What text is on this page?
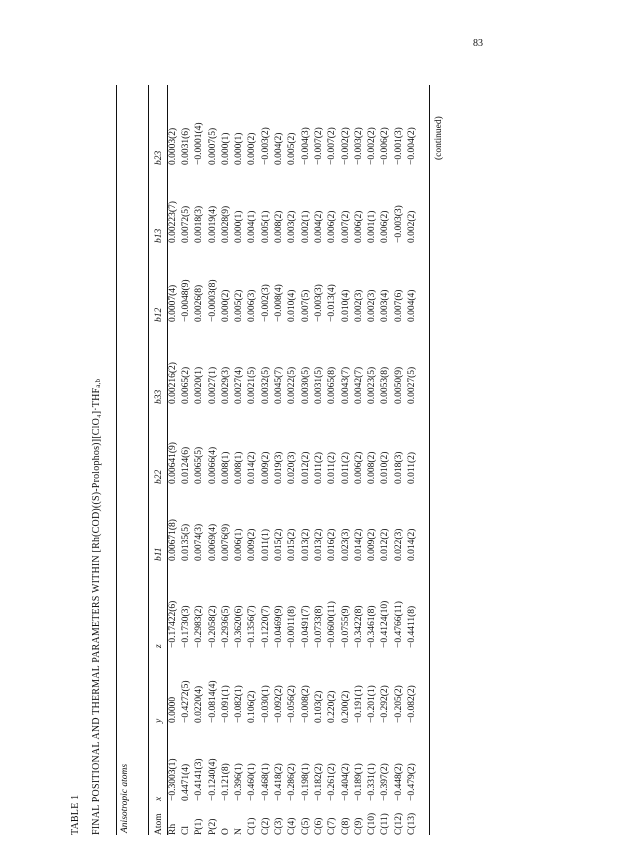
83
TABLE 1 FINAL POSITIONAL AND THERMAL PARAMETERS WITHIN [Rh(COD)((S)-Prolophos)][ClO₄]·THF$^{a,b}$
Anisotropic atoms Atom	x	y	z	b11	b22	b33	b12	b13	b23
Rh	−0.3003(1)	0.0000	−0.17422(6)	0.00671(8)	0.00641(9)	0.00216(2)	0.0007(4)	0.00223(7)	0.0003(2)
Cl	0.4471(4)	−0.4272(5)	−0.1730(3)	0.0135(5)	0.0124(6)	0.0065(2)	−0.0048(9)	0.0072(5)	0.0031(6)
P(1)	−0.4141(3)	0.0220(4)	−0.2983(2)	0.0074(3)	0.0065(5)	0.0020(1)	0.0026(8)	0.0018(3)	−0.0001(4)
P(2)	−0.1240(4)	−0.0814(4)	−0.2058(2)	0.0069(4)	0.0066(4)	0.0027(1)	−0.0003(8)	0.0019(4)	0.0007(5)
O	−0.121(8)	−0.091(1)	−0.2936(5)	0.0076(9)	0.008(1)	0.0029(3)	0.000(2)	0.0028(9)	0.000(1)
N	−0.396(1)	−0.082(1)	−0.3620(6)	0.006(1)	0.008(1)	0.0027(4)	0.005(2)	0.000(1)	0.000(1)
C(1)	−0.460(1)	0.106(2)	−0.1356(7)	0.009(2)	0.014(2)	0.0021(5)	0.006(3)	0.004(1)	0.000(2)
C(2)	−0.468(1)	−0.030(1)	−0.1220(7)	0.011(1)	0.009(2)	0.0032(5)	−0.002(3)	0.005(1)	−0.003(2)
C(3)	−0.418(2)	−0.092(2)	−0.0469(9)	0.015(2)	0.019(3)	0.0045(7)	−0.008(4)	0.008(2)	0.004(2)
C(4)	−0.286(2)	−0.056(2)	−0.0011(8)	0.015(2)	0.020(3)	0.0022(5)	0.010(4)	0.003(2)	0.005(2)
C(5)	−0.198(1)	−0.008(2)	−0.0491(7)	0.013(2)	0.012(2)	0.0030(5)	0.007(5)	0.002(1)	−0.004(3)
C(6)	−0.182(2)	0.103(2)	−0.0733(8)	0.013(2)	0.011(2)	0.0031(5)	−0.003(3)	0.004(2)	−0.007(2)
C(7)	−0.261(2)	0.220(2)	−0.0600(11)	0.016(2)	0.011(2)	0.0065(8)	−0.013(4)	0.006(2)	−0.007(2)
C(8)	−0.404(2)	0.200(2)	−0.0755(9)	0.023(3)	0.011(2)	0.0043(7)	0.010(4)	0.007(2)	−0.002(2)
C(9)	−0.189(1)	−0.191(1)	−0.3422(8)	0.014(2)	0.006(2)	0.0042(7)	0.002(3)	0.006(2)	−0.003(2)
C(10)	−0.331(1)	−0.201(1)	−0.3461(8)	0.009(2)	0.008(2)	0.0023(5)	0.002(3)	0.001(1)	−0.002(2)
C(11)	−0.397(2)	−0.292(2)	−0.4124(10)	0.012(2)	0.010(2)	0.0053(8)	0.003(4)	0.006(2)	−0.006(2)
C(12)	−0.448(2)	−0.205(2)	−0.4766(11)	0.022(3)	0.018(3)	0.0050(9)	0.007(6)	−0.003(3)	−0.001(3)
C(13)	−0.479(2)	−0.082(2)	−0.4411(8)	0.014(2)	0.011(2)	0.0027(5)	0.004(4)	0.002(2)	−0.004(2) (continued)
